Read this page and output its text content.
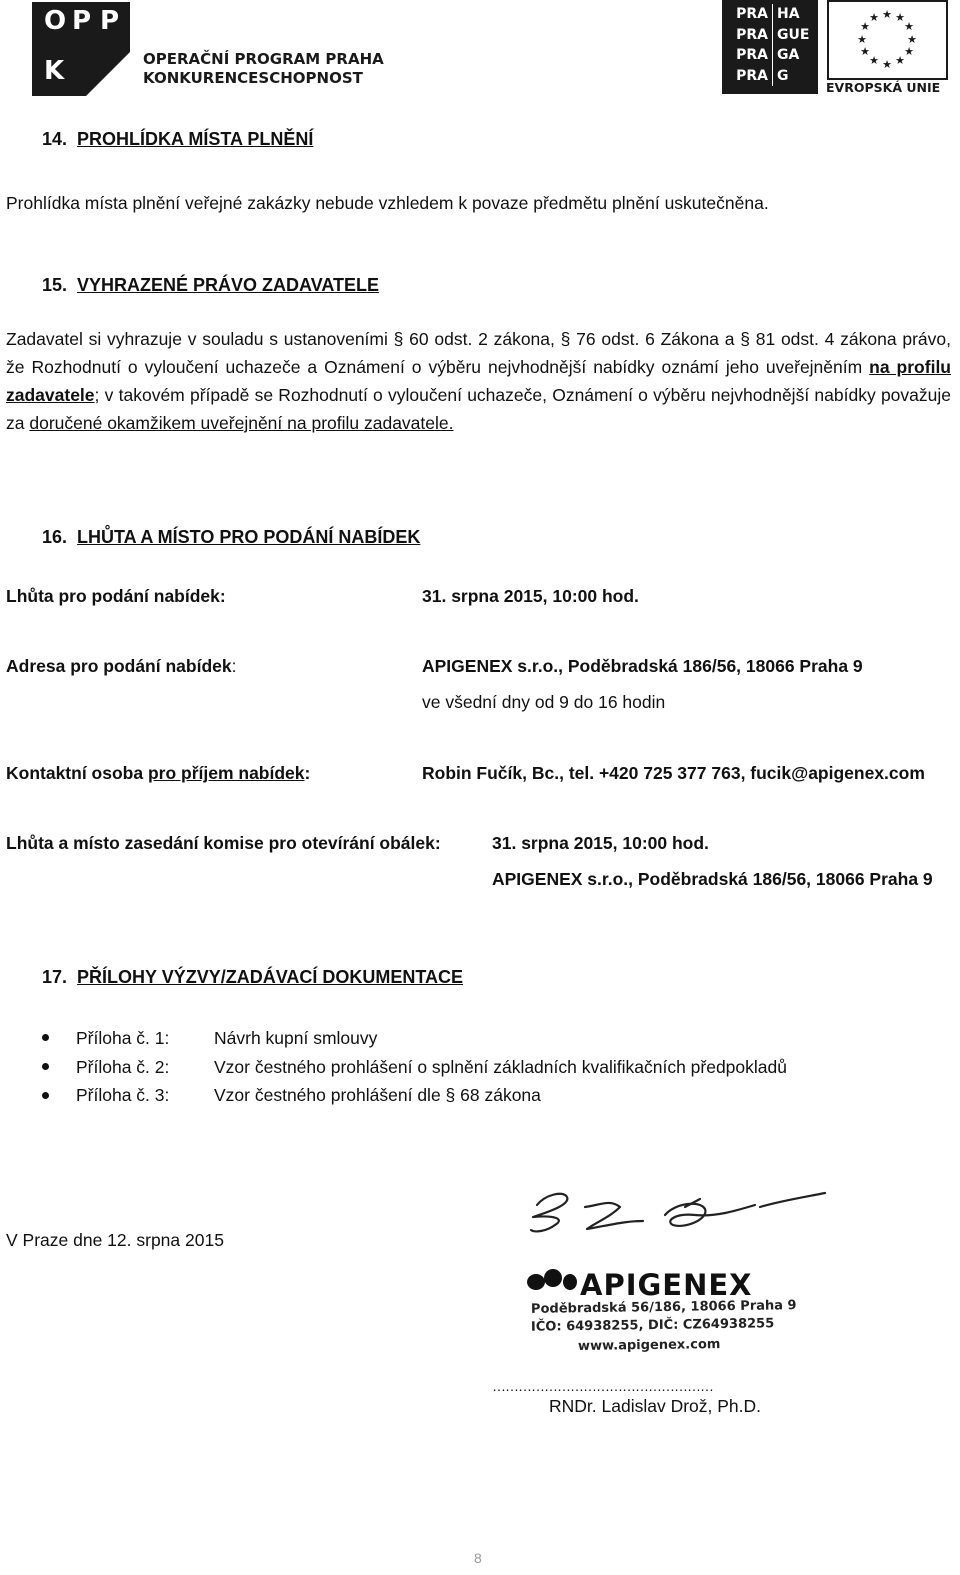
O P P
K	OPERAČNÍ PROGRAM PRAHA
KONKURENCESCHOPNOST
PRA HA
PRA GUE
PRA GA
PRA G
★ ★
★
★
★
★
★
★
★
★
★
★
EVROPSKÁ UNIE
14. PROHLÍDKA MÍSTA PLNĚNÍ
Prohlídka místa plnění veřejné zakázky nebude vzhledem k povaze předmětu plnění uskutečněna.
15. VYHRAZENÉ PRÁVO ZADAVATELE
Zadavatel si vyhrazuje v souladu s ustanoveními § 60 odst. 2 zákona, § 76 odst. 6 Zákona a § 81 odst. 4 zákona právo, že Rozhodnutí o vyloučení uchazeče a Oznámení o výběru nejvhodnější nabídky oznámí jeho uveřejněním na profilu zadavatele; v takovém případě se Rozhodnutí o vyloučení uchazeče, Oznámení o výběru nejvhodnější nabídky považuje za doručené okamžikem uveřejnění na profilu zadavatele.
16. LHŮTA A MÍSTO PRO PODÁNÍ NABÍDEK
Lhůta pro podání nabídek:	31. srpna 2015, 10:00 hod.
Adresa pro podání nabídek:	APIGENEX s.r.o., Poděbradská 186/56, 18066 Praha 9
ve všední dny od 9 do 16 hodin
Kontaktní osoba pro příjem nabídek:	Robin Fučík, Bc., tel. +420 725 377 763, fucik@apigenex.com
Lhůta a místo zasedání komise pro otevírání obálek:	31. srpna 2015, 10:00 hod.
APIGENEX s.r.o., Poděbradská 186/56, 18066 Praha 9
17. PŘÍLOHY VÝZVY/ZADÁVACÍ DOKUMENTACE
Příloha č. 1:	Návrh kupní smlouvy
Příloha č. 2:	Vzor čestného prohlášení o splnění základních kvalifikačních předpokladů
Příloha č. 3:	Vzor čestného prohlášení dle § 68 zákona
V Praze dne 12. srpna 2015
APIGENEX
Poděbradská 56/186, 18066 Praha 9
IČO: 64938255, DIČ: CZ64938255
www.apigenex.com
……………………………………………
RNDr. Ladislav Drož, Ph.D.
8
